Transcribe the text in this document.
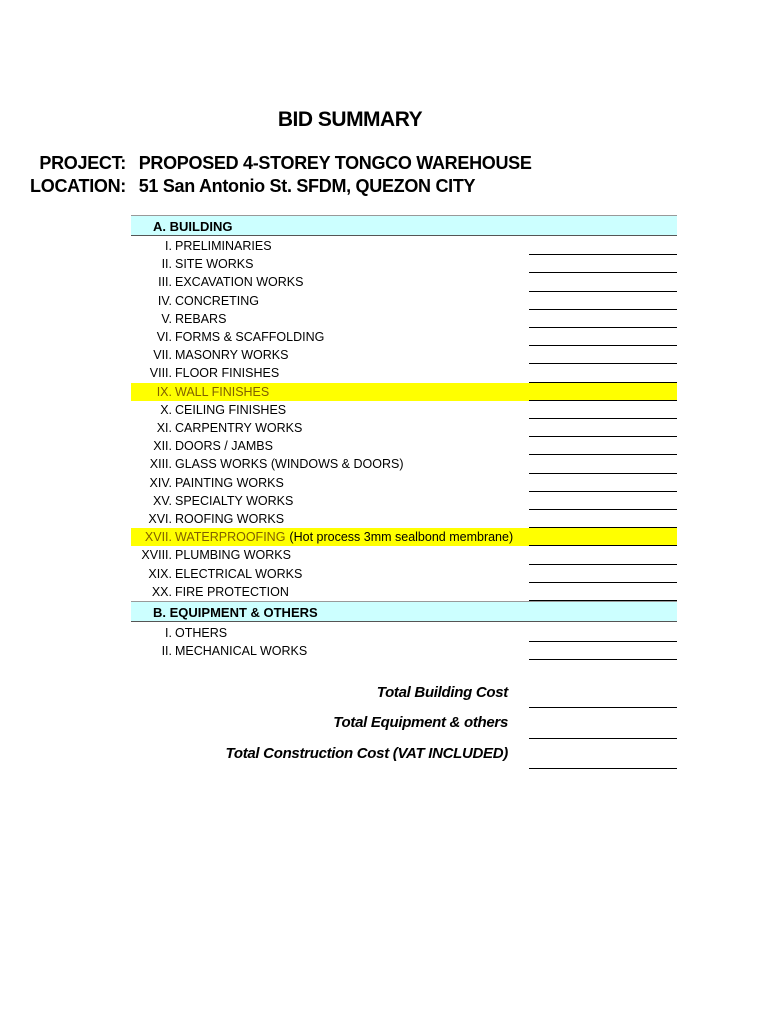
BID SUMMARY
PROJECT: PROPOSED 4-STOREY TONGCO WAREHOUSE
LOCATION: 51 San Antonio St. SFDM, QUEZON CITY
A. BUILDING
I. PRELIMINARIES
II. SITE WORKS
III. EXCAVATION WORKS
IV. CONCRETING
V. REBARS
VI. FORMS & SCAFFOLDING
VII. MASONRY WORKS
VIII. FLOOR FINISHES
IX. WALL FINISHES
X. CEILING FINISHES
XI. CARPENTRY WORKS
XII. DOORS / JAMBS
XIII. GLASS WORKS (WINDOWS & DOORS)
XIV. PAINTING WORKS
XV. SPECIALTY WORKS
XVI. ROOFING WORKS
XVII. WATERPROOFING (Hot process 3mm sealbond membrane)
XVIII. PLUMBING WORKS
XIX. ELECTRICAL WORKS
XX. FIRE PROTECTION
B. EQUIPMENT & OTHERS
I. OTHERS
II. MECHANICAL WORKS
Total Building Cost
Total Equipment & others
Total Construction Cost (VAT INCLUDED)
